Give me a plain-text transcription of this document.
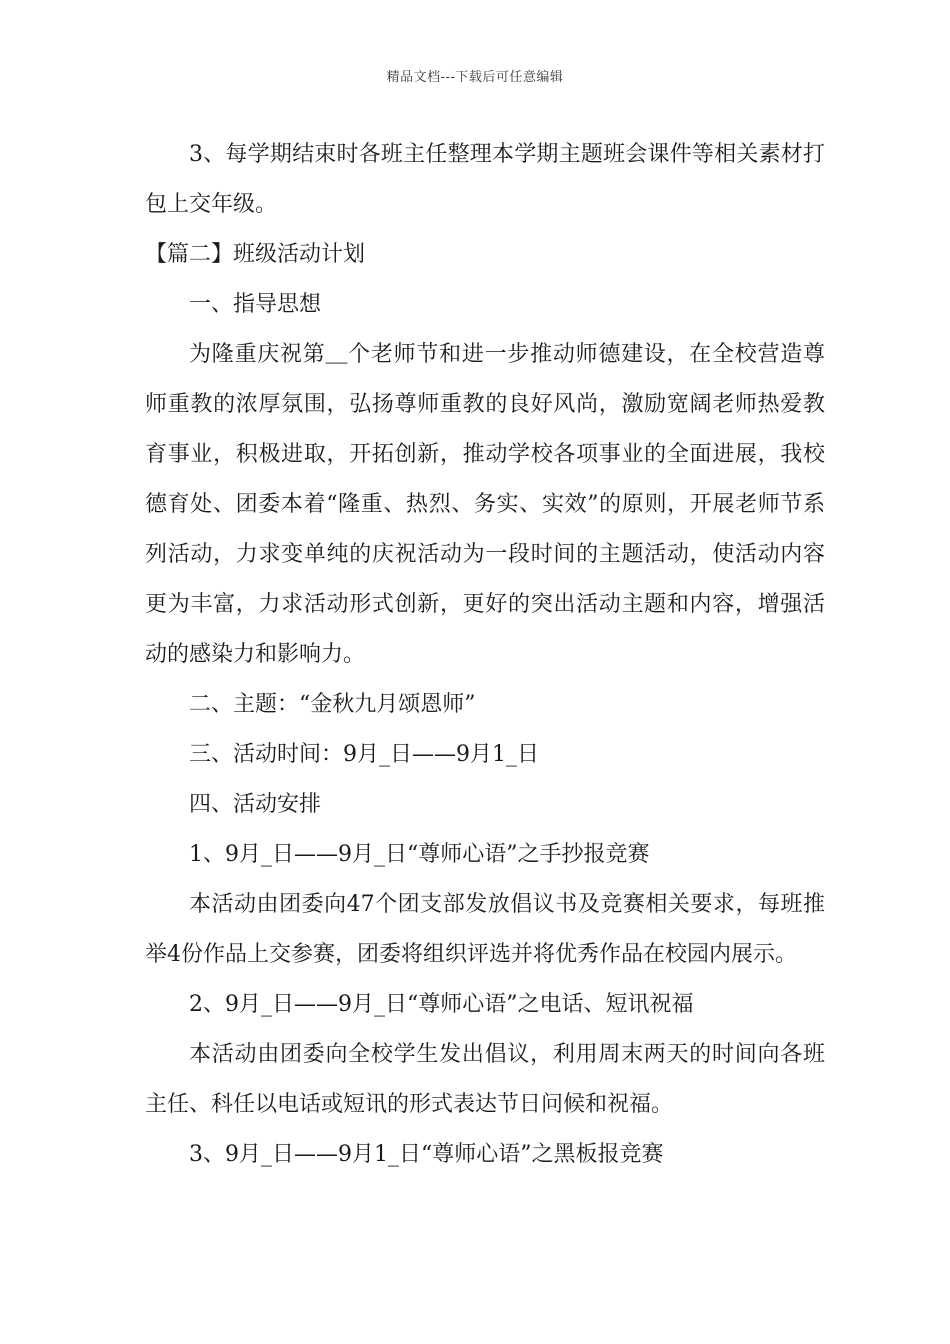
精品文档---下载后可任意编辑

3、每学期结束时各班主任整理本学期主题班会课件等相关素材打包上交年级。

【篇二】班级活动计划

一、指导思想

为隆重庆祝第＿个老师节和进一步推动师德建设，在全校营造尊师重教的浓厚氛围，弘扬尊师重教的良好风尚，激励宽阔老师热爱教育事业，积极进取，开拓创新，推动学校各项事业的全面进展，我校德育处、团委本着“隆重、热烈、务实、实效”的原则，开展老师节系列活动，力求变单纯的庆祝活动为一段时间的主题活动，使活动内容更为丰富，力求活动形式创新，更好的突出活动主题和内容，增强活动的感染力和影响力。

二、主题：“金秋九月颂恩师”

三、活动时间：9月_日——9月1_日

四、活动安排

1、9月_日——9月_日“尊师心语”之手抄报竞赛

本活动由团委向47个团支部发放倡议书及竞赛相关要求，每班推举4份作品上交参赛，团委将组织评选并将优秀作品在校园内展示。

2、9月_日——9月_日“尊师心语”之电话、短讯祝福

本活动由团委向全校学生发出倡议，利用周末两天的时间向各班主任、科任以电话或短讯的形式表达节日问候和祝福。

3、9月_日——9月1_日“尊师心语”之黑板报竞赛
